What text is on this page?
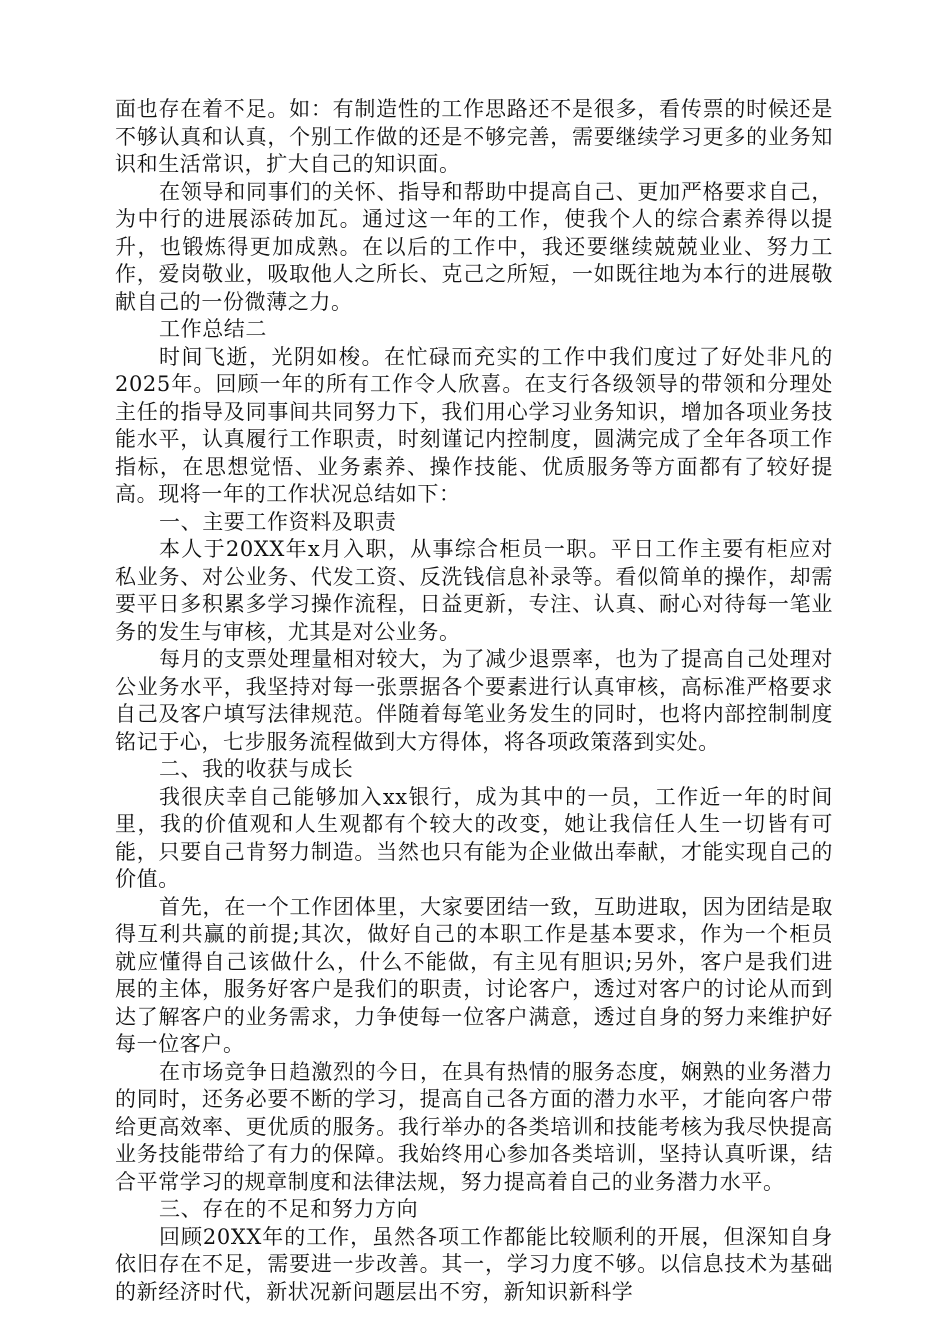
面也存在着不足。如：有制造性的工作思路还不是很多，看传票的时候还是不够认真和认真，个别工作做的还是不够完善，需要继续学习更多的业务知识和生活常识，扩大自己的知识面。

在领导和同事们的关怀、指导和帮助中提高自己、更加严格要求自己，为中行的进展添砖加瓦。通过这一年的工作，使我个人的综合素养得以提升，也锻炼得更加成熟。在以后的工作中，我还要继续兢兢业业、努力工作，爱岗敬业，吸取他人之所长、克己之所短，一如既往地为本行的进展敬献自己的一份微薄之力。

工作总结二

时间飞逝，光阴如梭。在忙碌而充实的工作中我们度过了好处非凡的2025年。回顾一年的所有工作令人欣喜。在支行各级领导的带领和分理处主任的指导及同事间共同努力下，我们用心学习业务知识，增加各项业务技能水平，认真履行工作职责，时刻谨记内控制度，圆满完成了全年各项工作指标，在思想觉悟、业务素养、操作技能、优质服务等方面都有了较好提高。现将一年的工作状况总结如下：

一、主要工作资料及职责

本人于20XX年x月入职，从事综合柜员一职。平日工作主要有柜应对私业务、对公业务、代发工资、反洗钱信息补录等。看似简单的操作，却需要平日多积累多学习操作流程，日益更新，专注、认真、耐心对待每一笔业务的发生与审核，尤其是对公业务。

每月的支票处理量相对较大，为了减少退票率，也为了提高自己处理对公业务水平，我坚持对每一张票据各个要素进行认真审核，高标准严格要求自己及客户填写法律规范。伴随着每笔业务发生的同时，也将内部控制制度铭记于心，七步服务流程做到大方得体，将各项政策落到实处。

二、我的收获与成长

我很庆幸自己能够加入xx银行，成为其中的一员，工作近一年的时间里，我的价值观和人生观都有个较大的改变，她让我信任人生一切皆有可能，只要自己肯努力制造。当然也只有能为企业做出奉献，才能实现自己的价值。

首先，在一个工作团体里，大家要团结一致，互助进取，因为团结是取得互利共赢的前提;其次，做好自己的本职工作是基本要求，作为一个柜员就应懂得自己该做什么，什么不能做，有主见有胆识;另外，客户是我们进展的主体，服务好客户是我们的职责，讨论客户，透过对客户的讨论从而到达了解客户的业务需求，力争使每一位客户满意，透过自身的努力来维护好每一位客户。

在市场竞争日趋激烈的今日，在具有热情的服务态度，娴熟的业务潜力的同时，还务必要不断的学习，提高自己各方面的潜力水平，才能向客户带给更高效率、更优质的服务。我行举办的各类培训和技能考核为我尽快提高业务技能带给了有力的保障。我始终用心参加各类培训，坚持认真听课，结合平常学习的规章制度和法律法规，努力提高着自己的业务潜力水平。

三、存在的不足和努力方向

回顾20XX年的工作，虽然各项工作都能比较顺利的开展，但深知自身依旧存在不足，需要进一步改善。其一，学习力度不够。以信息技术为基础的新经济时代，新状况新问题层出不穷，新知识新科学
